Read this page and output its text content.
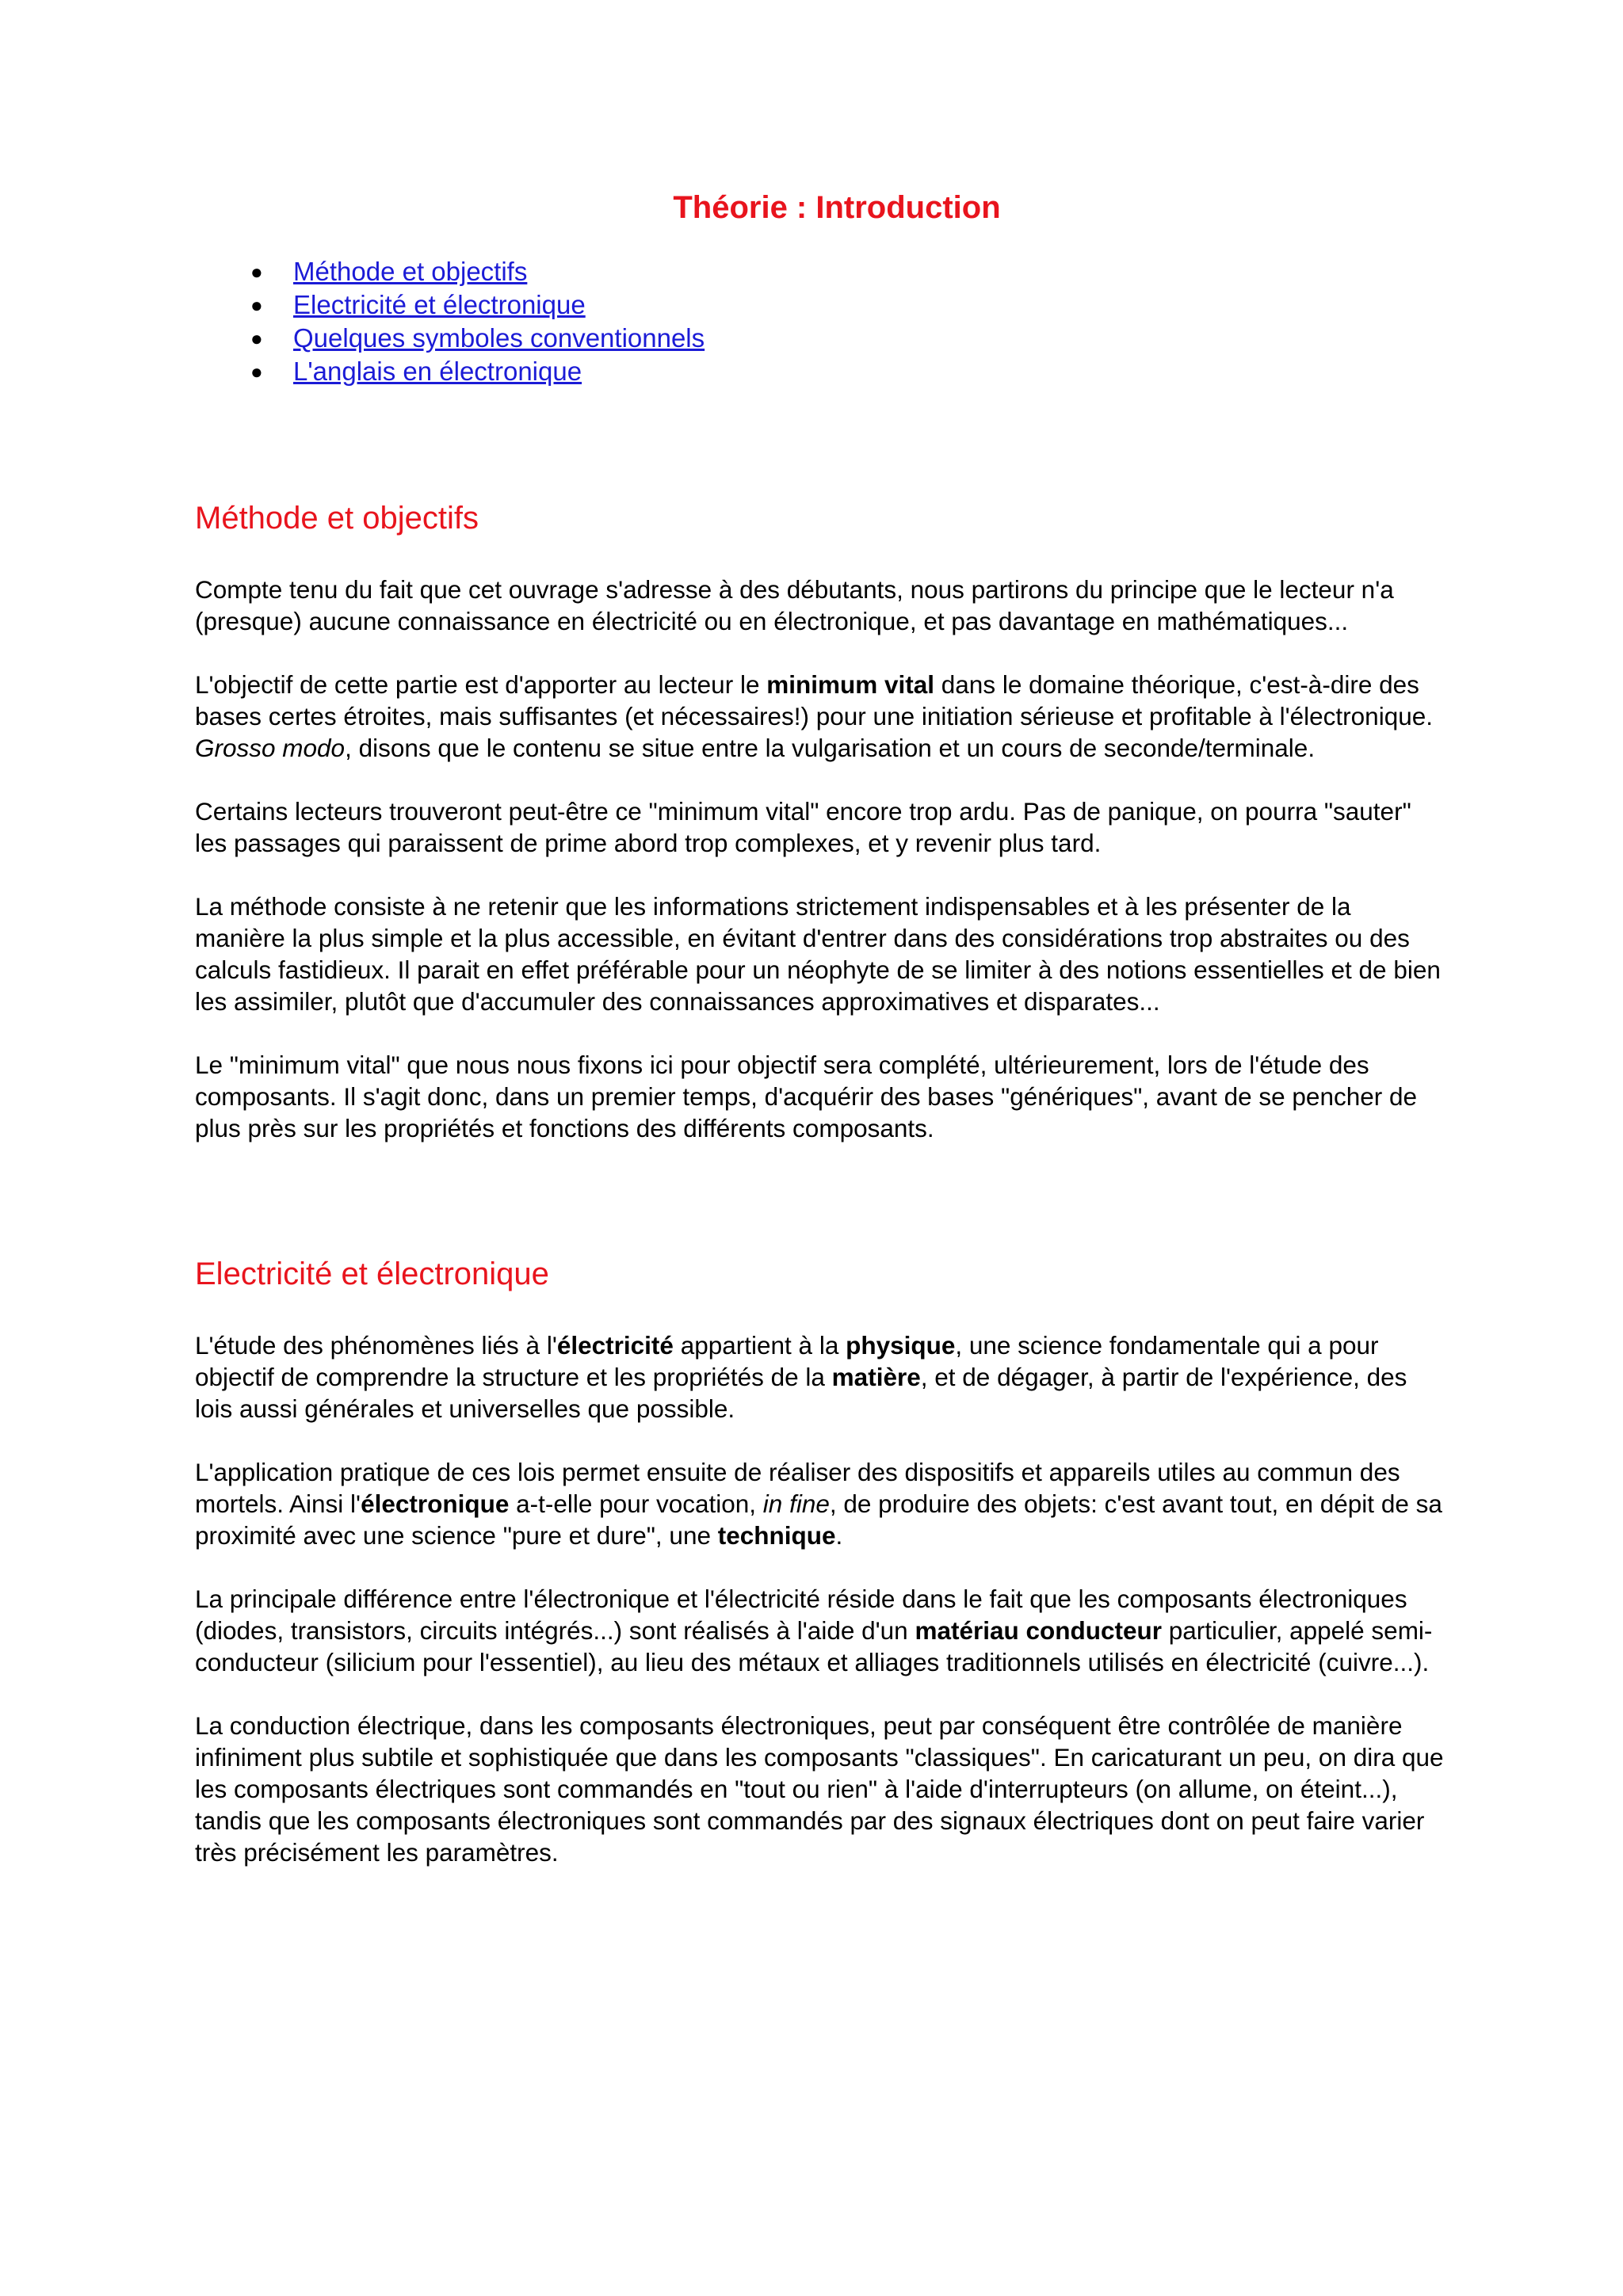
Théorie : Introduction
● Méthode et objectifs
● Electricité et électronique
● Quelques symboles conventionnels
● L'anglais en électronique
Méthode et objectifs

Compte tenu du fait que cet ouvrage s'adresse à des débutants, nous partirons du principe que le lecteur n'a (presque) aucune connaissance en électricité ou en électronique, et pas davantage en mathématiques...

L'objectif de cette partie est d'apporter au lecteur le minimum vital dans le domaine théorique, c'est-à-dire des bases certes étroites, mais suffisantes (et nécessaires!) pour une initiation sérieuse et profitable à l'électronique. Grosso modo, disons que le contenu se situe entre la vulgarisation et un cours de seconde/terminale.

Certains lecteurs trouveront peut-être ce "minimum vital" encore trop ardu. Pas de panique, on pourra "sauter" les passages qui paraissent de prime abord trop complexes, et y revenir plus tard.

La méthode consiste à ne retenir que les informations strictement indispensables et à les présenter de la manière la plus simple et la plus accessible, en évitant d'entrer dans des considérations trop abstraites ou des calculs fastidieux. Il parait en effet préférable pour un néophyte de se limiter à des notions essentielles et de bien les assimiler, plutôt que d'accumuler des connaissances approximatives et disparates...

Le "minimum vital" que nous nous fixons ici pour objectif sera complété, ultérieurement, lors de l'étude des composants. Il s'agit donc, dans un premier temps, d'acquérir des bases "génériques", avant de se pencher de plus près sur les propriétés et fonctions des différents composants.

Electricité et électronique

L'étude des phénomènes liés à l'électricité appartient à la physique, une science fondamentale qui a pour objectif de comprendre la structure et les propriétés de la matière, et de dégager, à partir de l'expérience, des lois aussi générales et universelles que possible.

L'application pratique de ces lois permet ensuite de réaliser des dispositifs et appareils utiles au commun des mortels. Ainsi l'électronique a-t-elle pour vocation, in fine, de produire des objets: c'est avant tout, en dépit de sa proximité avec une science "pure et dure", une technique.

La principale différence entre l'électronique et l'électricité réside dans le fait que les composants électroniques (diodes, transistors, circuits intégrés...) sont réalisés à l'aide d'un matériau conducteur particulier, appelé semi-conducteur (silicium pour l'essentiel), au lieu des métaux et alliages traditionnels utilisés en électricité (cuivre...).

La conduction électrique, dans les composants électroniques, peut par conséquent être contrôlée de manière infiniment plus subtile et sophistiquée que dans les composants "classiques". En caricaturant un peu, on dira que les composants électriques sont commandés en "tout ou rien" à l'aide d'interrupteurs (on allume, on éteint...), tandis que les composants électroniques sont commandés par des signaux électriques dont on peut faire varier très précisément les paramètres.
